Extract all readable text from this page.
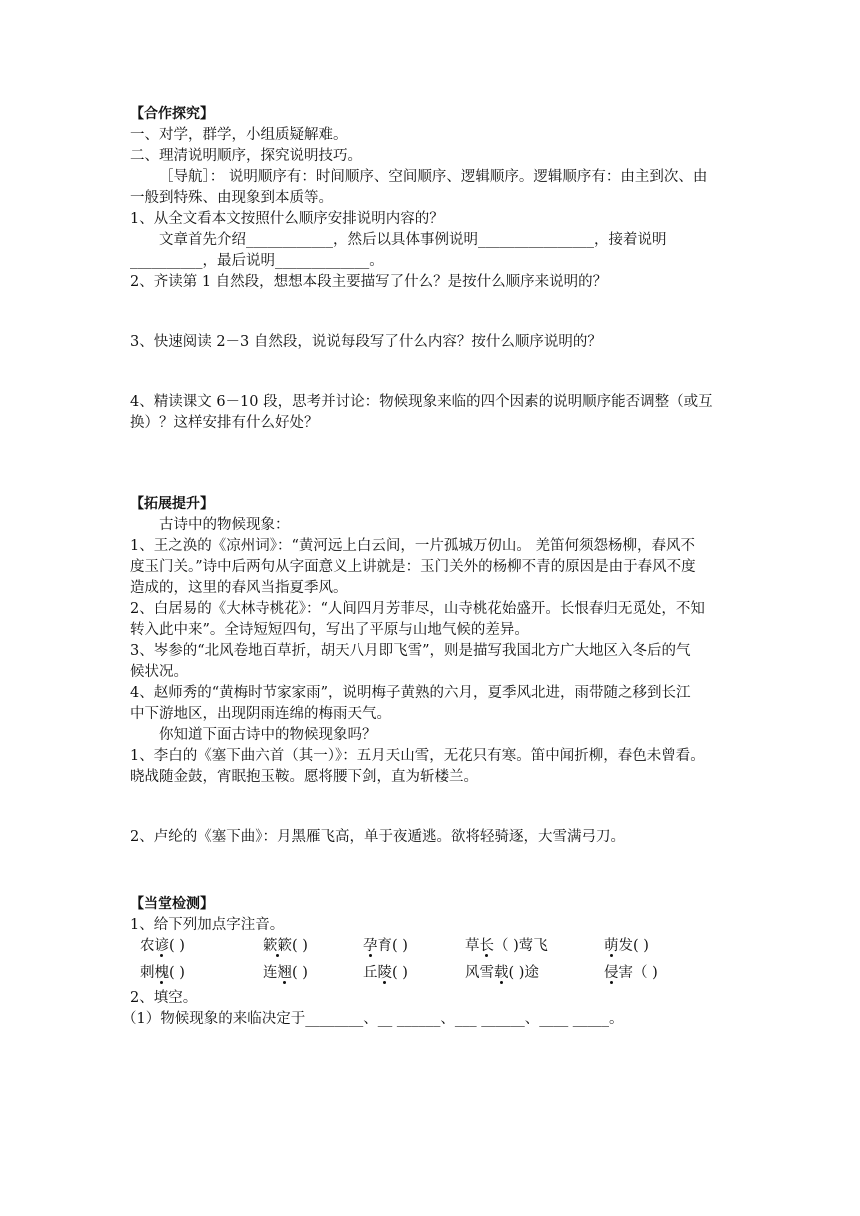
【合作探究】
一、对学，群学，小组质疑解难。
二、理清说明顺序，探究说明技巧。
［导航］： 说明顺序有：时间顺序、空间顺序、逻辑顺序。逻辑顺序有：由主到次、由
一般到特殊、由现象到本质等。
1、从全文看本文按照什么顺序安排说明内容的？
文章首先介绍____________，然后以具体事例说明________________，接着说明
__________，最后说明_____________。
2、齐读第 1 自然段，想想本段主要描写了什么？是按什么顺序来说明的？
3、快速阅读 2－3 自然段，说说每段写了什么内容？按什么顺序说明的？
4、精读课文 6－10 段，思考并讨论：物候现象来临的四个因素的说明顺序能否调整（或互
换）？这样安排有什么好处？
【拓展提升】
古诗中的物候现象：
1、王之涣的《凉州词》：“黄河远上白云间，一片孤城万仞山。 羌笛何须怨杨柳，春风不
度玉门关。”诗中后两句从字面意义上讲就是：玉门关外的杨柳不青的原因是由于春风不度
造成的，这里的春风当指夏季风。
2、白居易的《大林寺桃花》：“人间四月芳菲尽，山寺桃花始盛开。长恨春归无觅处，不知
转入此中来”。全诗短短四句，写出了平原与山地气候的差异。
3、岑参的“北风卷地百草折，胡天八月即飞雪”，则是描写我国北方广大地区入冬后的气
候状况。
4、赵师秀的“黄梅时节家家雨”，说明梅子黄熟的六月，夏季风北进，雨带随之移到长江
中下游地区，出现阴雨连绵的梅雨天气。
你知道下面古诗中的物候现象吗？
1、李白的《塞下曲六首（其一）》：五月天山雪，无花只有寒。笛中闻折柳，春色未曾看。
晓战随金鼓，宵眠抱玉鞍。愿将腰下剑，直为斩楼兰。
2、卢纶的《塞下曲》：月黑雁飞高，单于夜遁逃。欲将轻骑逐，大雪满弓刀。
【当堂检测】
1、给下列加点字注音。
农谚( )	簌簌( )	孕育( )	草长（ )莺飞	萌发( )
刺槐( )	连翘( )	丘陵( )	风雪载( )途	侵害（ )
2、填空。
（1）物候现象的来临决定于________、__ ______、___ ______、____ _____。
